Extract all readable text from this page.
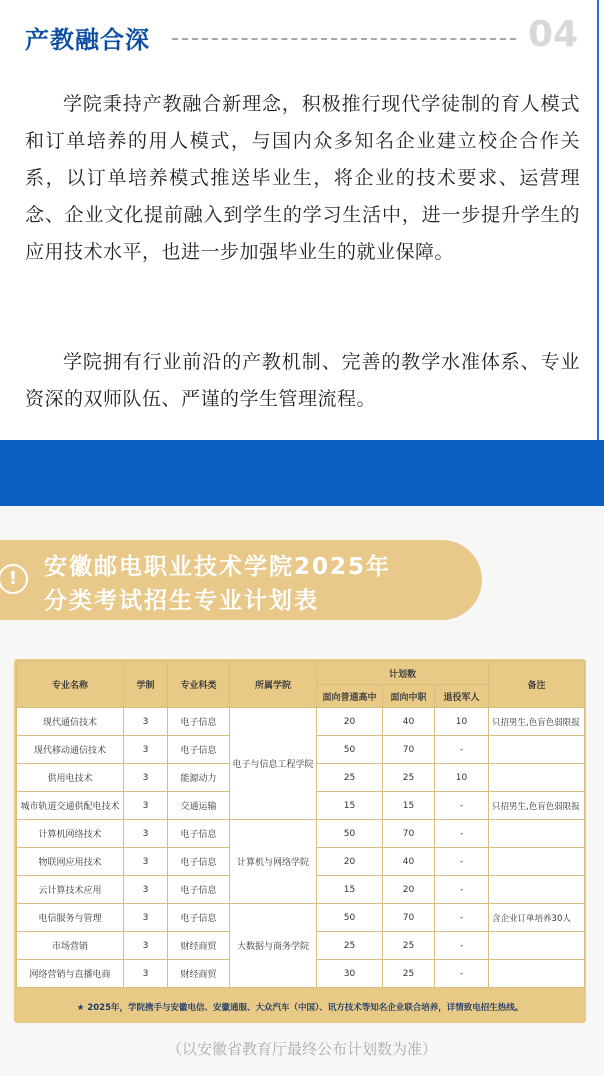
产教融合深	04

学院秉持产教融合新理念，积极推行现代学徒制的育人模式和订单培养的用人模式，与国内众多知名企业建立校企合作关系，以订单培养模式推送毕业生，将企业的技术要求、运营理念、企业文化提前融入到学生的学习生活中，进一步提升学生的应用技术水平，也进一步加强毕业生的就业保障。

学院拥有行业前沿的产教机制、完善的教学水准体系、专业资深的双师队伍、严谨的学生管理流程。

!	安徽邮电职业技术学院2025年
分类考试招生专业计划表
专业名称	学制	专业科类	所属学院	计划数			备注
				面向普通高中	面向中职	退役军人	
现代通信技术	3	电子信息	电子与信息工程学院	20	40	10	只招男生,色盲色弱限报
现代移动通信技术	3	电子信息		50	70	-	
供用电技术	3	能源动力		25	25	10	
城市轨道交通供配电技术	3	交通运输		15	15	-	只招男生,色盲色弱限报
计算机网络技术	3	电子信息	计算机与网络学院	50	70	-	
物联网应用技术	3	电子信息		20	40	-	
云计算技术应用	3	电子信息		15	20	-	
电信服务与管理	3	电子信息	大数据与商务学院	50	70	-	含企业订单培养30人
市场营销	3	财经商贸		25	25	-	
网络营销与直播电商	3	财经商贸		30	25	-	
★ 2025年，学院携手与安徽电信、安徽通服、大众汽车（中国）、讯方技术等知名企业联合培养，详情致电招生热线。
（以安徽省教育厅最终公布计划数为准）
